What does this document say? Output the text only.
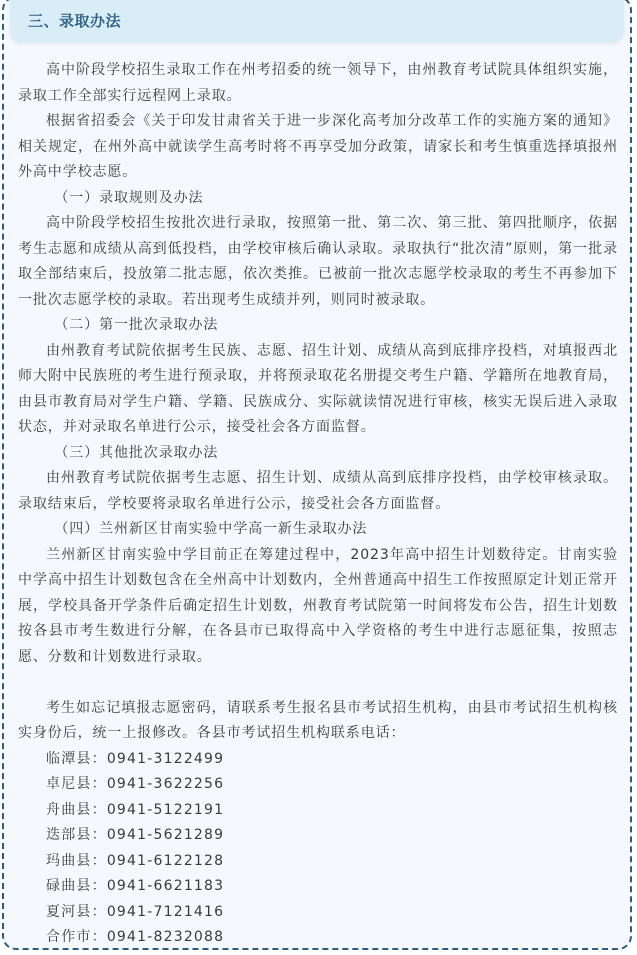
三、录取办法

高中阶段学校招生录取工作在州考招委的统一领导下，由州教育考试院具体组织实施，录取工作全部实行远程网上录取。

根据省招委会《关于印发甘肃省关于进一步深化高考加分改革工作的实施方案的通知》相关规定，在州外高中就读学生高考时将不再享受加分政策，请家长和考生慎重选择填报州外高中学校志愿。

（一）录取规则及办法

高中阶段学校招生按批次进行录取，按照第一批、第二次、第三批、第四批顺序，依据考生志愿和成绩从高到低投档，由学校审核后确认录取。录取执行“批次清”原则，第一批录取全部结束后，投放第二批志愿，依次类推。已被前一批次志愿学校录取的考生不再参加下一批次志愿学校的录取。若出现考生成绩并列，则同时被录取。

（二）第一批次录取办法

由州教育考试院依据考生民族、志愿、招生计划、成绩从高到底排序投档，对填报西北师大附中民族班的考生进行预录取，并将预录取花名册提交考生户籍、学籍所在地教育局，由县市教育局对学生户籍、学籍、民族成分、实际就读情况进行审核，核实无误后进入录取状态，并对录取名单进行公示，接受社会各方面监督。

（三）其他批次录取办法

由州教育考试院依据考生志愿、招生计划、成绩从高到底排序投档，由学校审核录取。录取结束后，学校要将录取名单进行公示，接受社会各方面监督。

（四）兰州新区甘南实验中学高一新生录取办法

兰州新区甘南实验中学目前正在筹建过程中，2023年高中招生计划数待定。甘南实验中学高中招生计划数包含在全州高中计划数内，全州普通高中招生工作按照原定计划正常开展，学校具备开学条件后确定招生计划数，州教育考试院第一时间将发布公告，招生计划数按各县市考生数进行分解，在各县市已取得高中入学资格的考生中进行志愿征集，按照志愿、分数和计划数进行录取。

考生如忘记填报志愿密码，请联系考生报名县市考试招生机构，由县市考试招生机构核实身份后，统一上报修改。各县市考试招生机构联系电话：

临潭县：0941-3122499

卓尼县：0941-3622256

舟曲县：0941-5122191

迭部县：0941-5621289

玛曲县：0941-6122128

碌曲县：0941-6621183

夏河县：0941-7121416

合作市：0941-8232088
